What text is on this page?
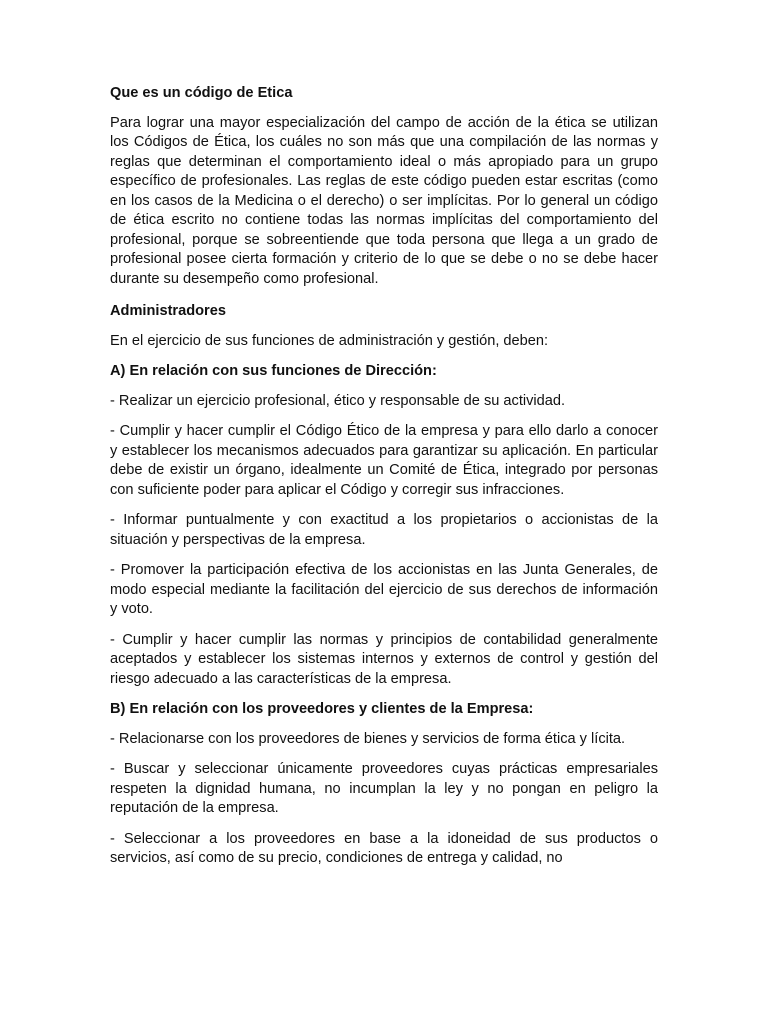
Que es un código de Etica

Para lograr una mayor especialización del campo de acción de la ética se utilizan los Códigos de Ética, los cuáles no son más que una compilación de las normas y reglas que determinan el comportamiento ideal o más apropiado para un grupo específico de profesionales. Las reglas de este código pueden estar escritas (como en los casos de la Medicina o el derecho) o ser implícitas. Por lo general un código de ética escrito no contiene todas las normas implícitas del comportamiento del profesional, porque se sobreentiende que toda persona que llega a un grado de profesional posee cierta formación y criterio de lo que se debe o no se debe hacer durante su desempeño como profesional.

Administradores

En el ejercicio de sus funciones de administración y gestión, deben:

A) En relación con sus funciones de Dirección:

- Realizar un ejercicio profesional, ético y responsable de su actividad.

- Cumplir y hacer cumplir el Código Ético de la empresa y para ello darlo a conocer y establecer los mecanismos adecuados para garantizar su aplicación. En particular debe de existir un órgano, idealmente un Comité de Ética, integrado por personas con suficiente poder para aplicar el Código y corregir sus infracciones.

- Informar puntualmente y con exactitud a los propietarios o accionistas de la situación y perspectivas de la empresa.

- Promover la participación efectiva de los accionistas en las Junta Generales, de modo especial mediante la facilitación del ejercicio de sus derechos de información y voto.

- Cumplir y hacer cumplir las normas y principios de contabilidad generalmente aceptados y establecer los sistemas internos y externos de control y gestión del riesgo adecuado a las características de la empresa.

B) En relación con los proveedores y clientes de la Empresa:

- Relacionarse con los proveedores de bienes y servicios de forma ética y lícita.

- Buscar y seleccionar únicamente proveedores cuyas prácticas empresariales respeten la dignidad humana, no incumplan la ley y no pongan en peligro la reputación de la empresa.

- Seleccionar a los proveedores en base a la idoneidad de sus productos o servicios, así como de su precio, condiciones de entrega y calidad, no
